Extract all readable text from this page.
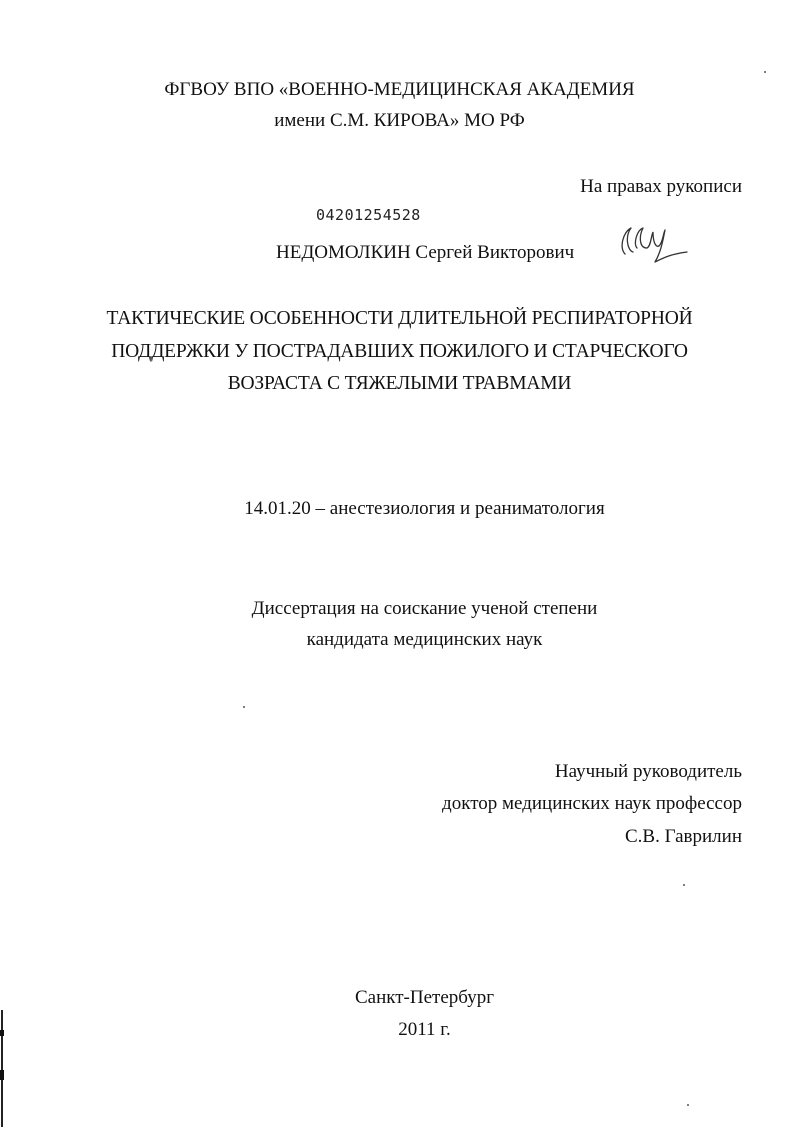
ФГВОУ ВПО «ВОЕННО-МЕДИЦИНСКАЯ АКАДЕМИЯ
имени С.М. КИРОВА» МО РФ
На правах рукописи
04201254528
НЕДОМОЛКИН Сергей Викторович
ТАКТИЧЕСКИЕ ОСОБЕННОСТИ ДЛИТЕЛЬНОЙ РЕСПИРАТОРНОЙ
ПОДДЕРЖКИ У ПОСТРАДАВШИХ ПОЖИЛОГО И СТАРЧЕСКОГО
ВОЗРАСТА С ТЯЖЕЛЫМИ ТРАВМАМИ
14.01.20 – анестезиология и реаниматология
Диссертация на соискание ученой степени
кандидата медицинских наук
Научный руководитель
доктор медицинских наук профессор
С.В. Гаврилин
Санкт-Петербург
2011 г.
